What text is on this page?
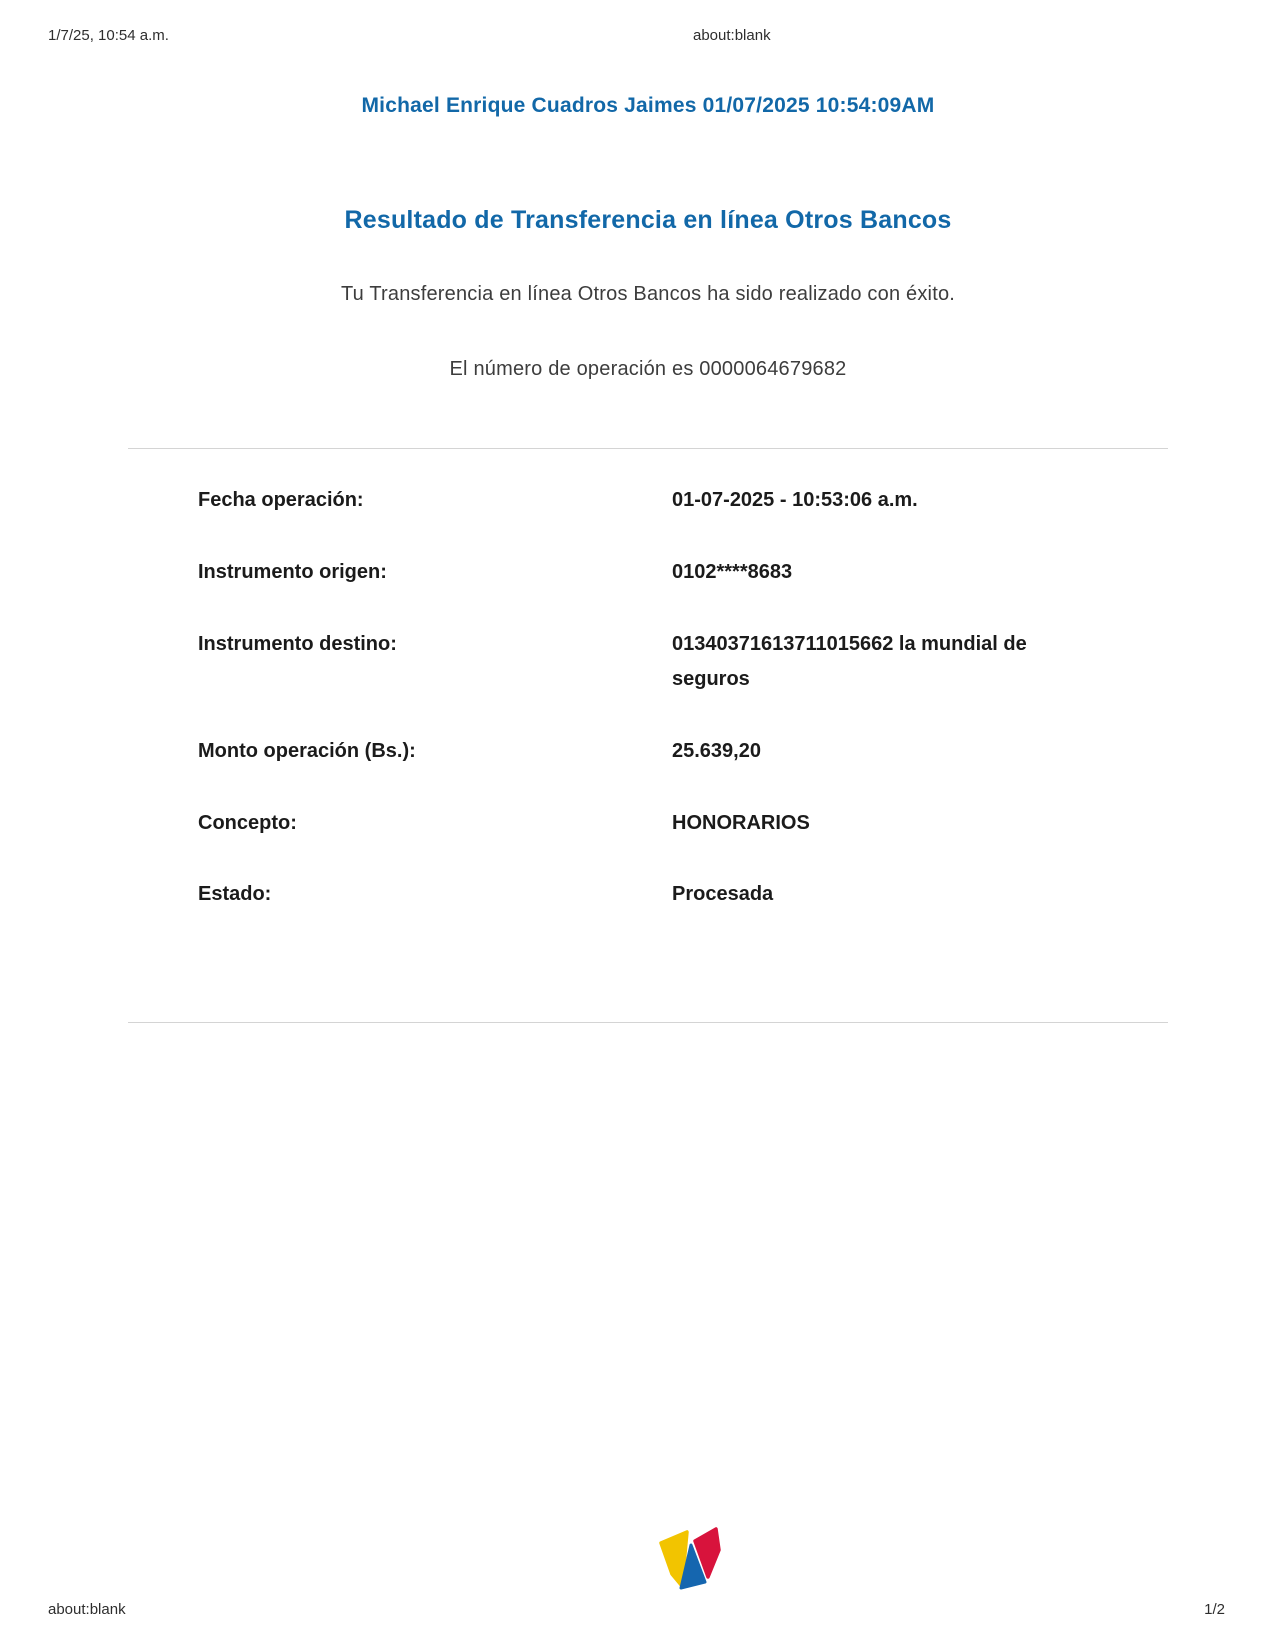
1/7/25, 10:54 a.m.	about:blank
Michael Enrique Cuadros Jaimes 01/07/2025 10:54:09AM
Resultado de Transferencia en línea Otros Bancos
Tu Transferencia en línea Otros Bancos ha sido realizado con éxito.
El número de operación es 0000064679682
Fecha operación:	01-07-2025 - 10:53:06 a.m.
Instrumento origen:	0102****8683
Instrumento destino:	01340371613711015662 la mundial de seguros
Monto operación (Bs.):	25.639,20
Concepto:	HONORARIOS
Estado:	Procesada
about:blank	1/2
